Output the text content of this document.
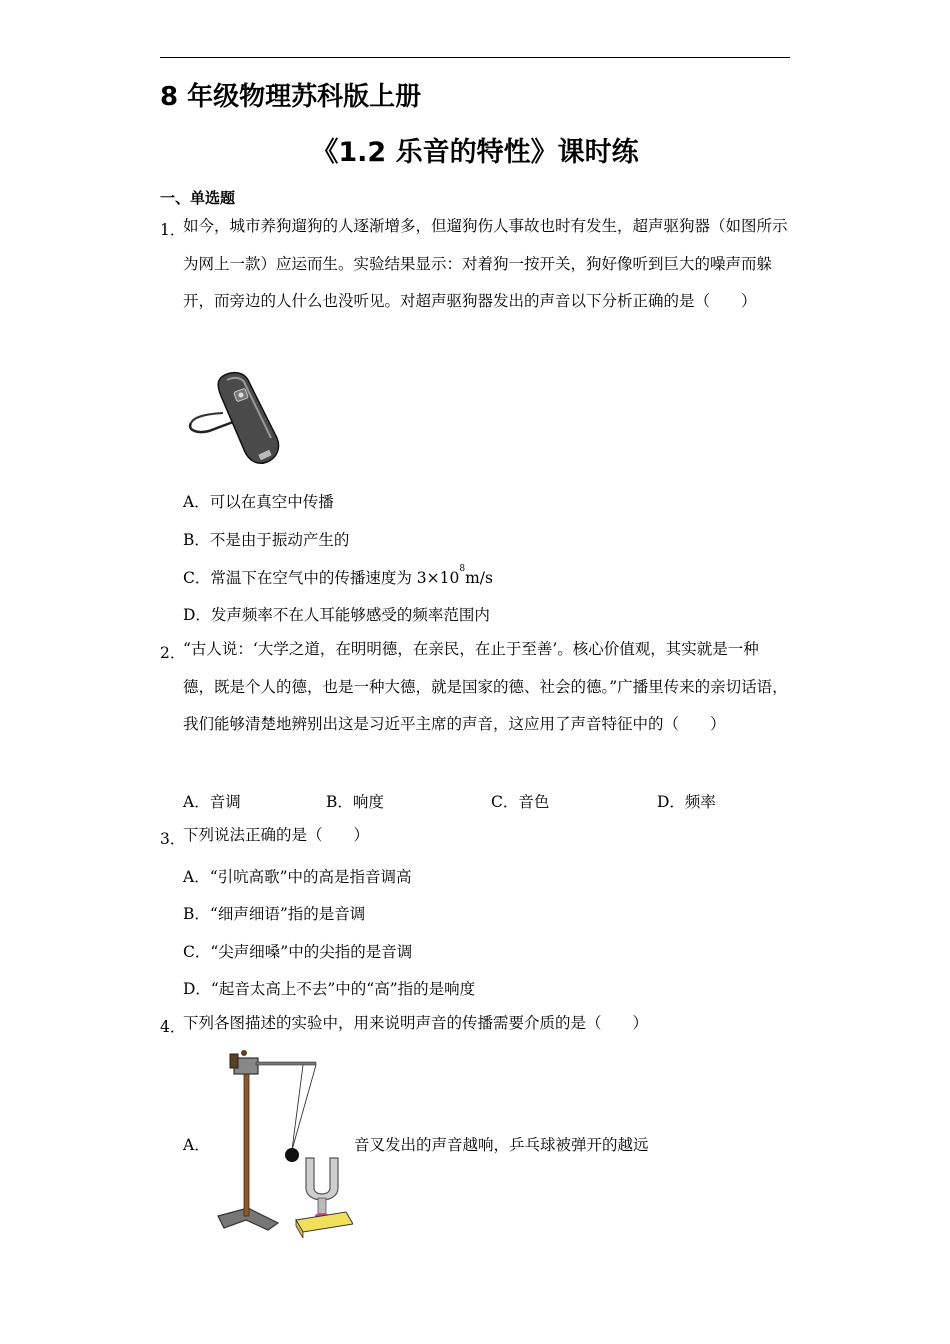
8 年级物理苏科版上册
《1.2 乐音的特性》课时练
一、单选题
1．
如今，城市养狗遛狗的人逐渐增多，但遛狗伤人事故也时有发生，超声驱狗器（如图所示为网上一款）应运而生。实验结果显示：对着狗一按开关，狗好像听到巨大的噪声而躲开，而旁边的人什么也没听见。对超声驱狗器发出的声音以下分析正确的是（　　）
A．可以在真空中传播
B．不是由于振动产生的
C．常温下在空气中的传播速度为 $3\times 10^8m/s$
D．发声频率不在人耳能够感受的频率范围内
2．
“古人说：‘大学之道，在明明德，在亲民，在止于至善’。核心价值观，其实就是一种德，既是个人的德，也是一种大德，就是国家的德、社会的德。”广播里传来的亲切话语，我们能够清楚地辨别出这是习近平主席的声音，这应用了声音特征中的（　　）
A．音调	B．响度	C．音色	D．频率
3．
下列说法正确的是（　　）
A．“引吭高歌”中的高是指音调高
B．“细声细语”指的是音调
C．“尖声细嗓”中的尖指的是音调
D．“起音太高上不去”中的“高”指的是响度
4．
下列各图描述的实验中，用来说明声音的传播需要介质的是（　　）
A．	音叉发出的声音越响，乒乓球被弹开的越远
